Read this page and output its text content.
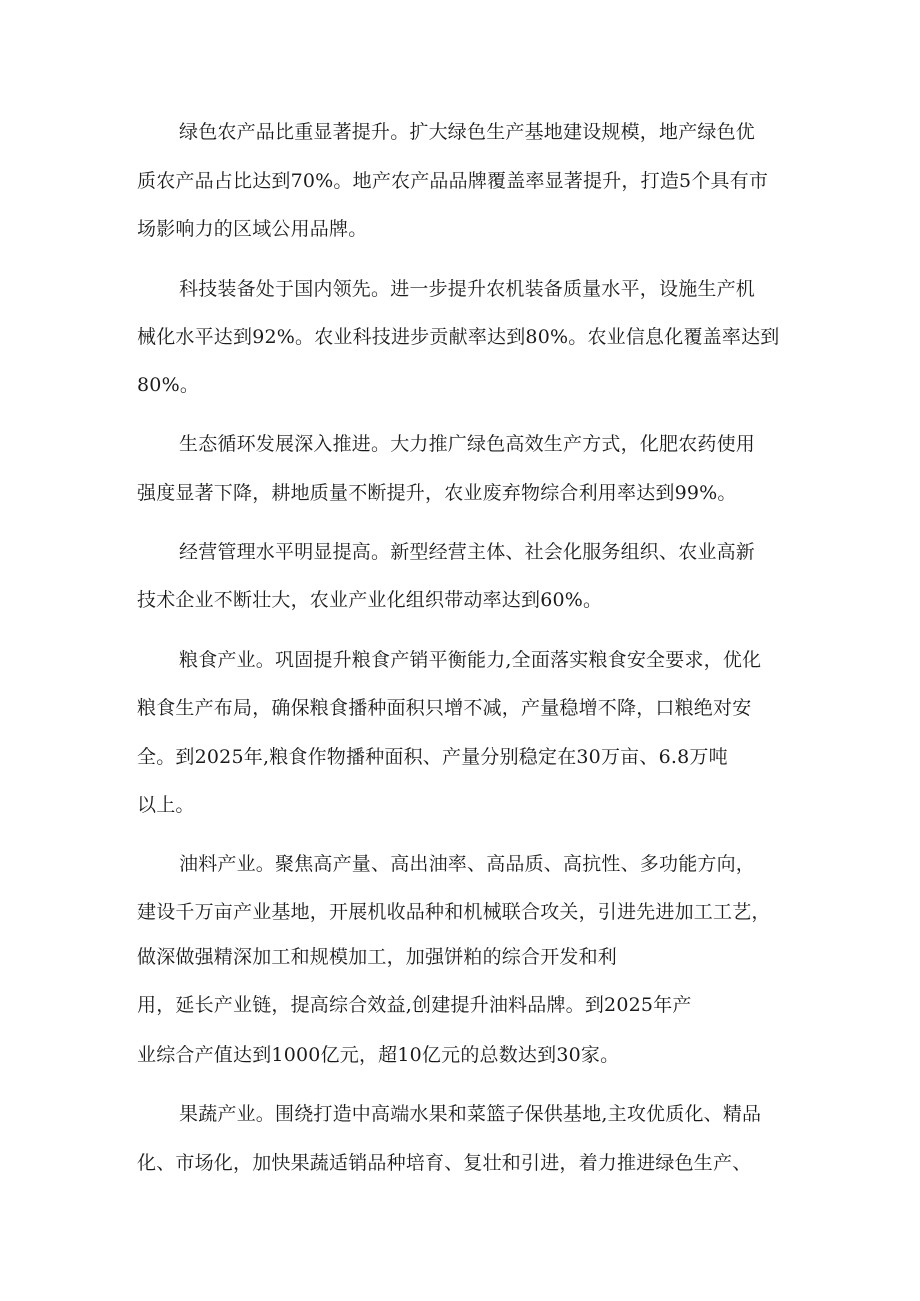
绿色农产品比重显著提升。扩大绿色生产基地建设规模，地产绿色优
质农产品占比达到70%。地产农产品品牌覆盖率显著提升，打造5个具有市
场影响力的区域公用品牌。
科技装备处于国内领先。进一步提升农机装备质量水平，设施生产机
械化水平达到92%。农业科技进步贡献率达到80%。农业信息化覆盖率达到
80%。
生态循环发展深入推进。大力推广绿色高效生产方式，化肥农药使用
强度显著下降，耕地质量不断提升，农业废弃物综合利用率达到99%。
经营管理水平明显提高。新型经营主体、社会化服务组织、农业高新
技术企业不断壮大，农业产业化组织带动率达到60%。
粮食产业。巩固提升粮食产销平衡能力,全面落实粮食安全要求，优化
粮食生产布局，确保粮食播种面积只增不减，产量稳增不降，口粮绝对安
全。到2025年,粮食作物播种面积、产量分别稳定在30万亩、6.8万吨
以上。
油料产业。聚焦高产量、高出油率、高品质、高抗性、多功能方向，
建设千万亩产业基地，开展机收品种和机械联合攻关，引进先进加工工艺，
做深做强精深加工和规模加工，加强饼粕的综合开发和利
用，延长产业链，提高综合效益,创建提升油料品牌。到2025年产
业综合产值达到1000亿元，超10亿元的总数达到30家。
果蔬产业。围绕打造中高端水果和菜篮子保供基地,主攻优质化、精品
化、市场化，加快果蔬适销品种培育、复壮和引进，着力推进绿色生产、
